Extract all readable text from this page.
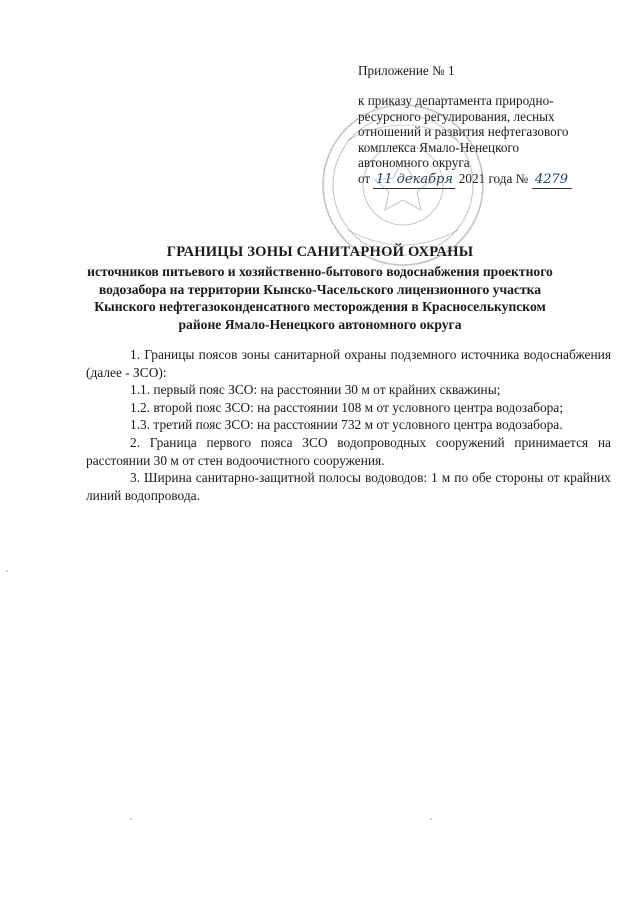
Приложение № 1
к приказу департамента природно-
ресурсного регулирования, лесных
отношений и развития нефтегазового
комплекса Ямало-Ненецкого
автономного округа
от 11 декабря 2021 года № 4279
ГРАНИЦЫ ЗОНЫ САНИТАРНОЙ ОХРАНЫ
источников питьевого и хозяйственно-бытового водоснабжения проектного водозабора на территории Кынско-Часельского лицензионного участка Кынского нефтегазоконденсатного месторождения в Красноселькупском районе Ямало-Ненецкого автономного округа

1. Границы поясов зоны санитарной охраны подземного источника водоснабжения (далее - ЗСО):

1.1. первый пояс ЗСО: на расстоянии 30 м от крайних скважины;

1.2. второй пояс ЗСО: на расстоянии 108 м от условного центра водозабора;

1.3. третий пояс ЗСО: на расстоянии 732 м от условного центра водозабора.

2. Граница первого пояса ЗСО водопроводных сооружений принимается на расстоянии 30 м от стен водоочистного сооружения.

3. Ширина санитарно-защитной полосы водоводов: 1 м по обе стороны от крайних линий водопровода.
